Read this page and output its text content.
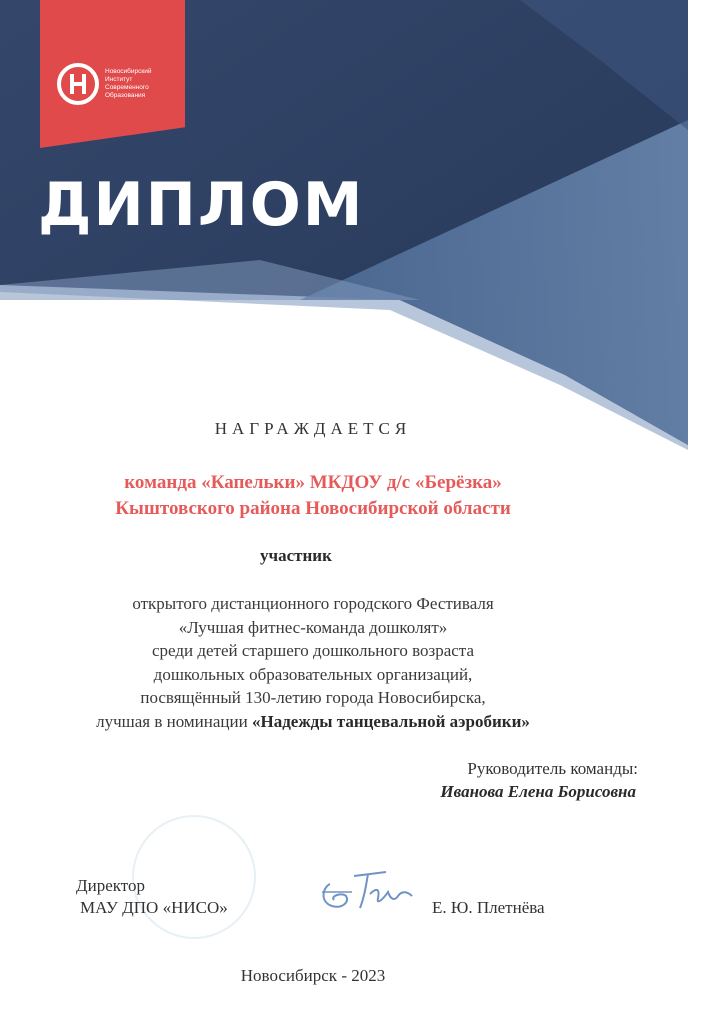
Новосибирский
Институт
Современного
Образования
ДИПЛОМ
НАГРАЖДАЕТСЯ
команда «Капельки» МКДОУ д/с «Берёзка»
Кыштовского района Новосибирской области
участник
открытого дистанционного городского Фестиваля
«Лучшая фитнес-команда дошколят»
среди детей старшего дошкольного возраста
дошкольных образовательных организаций,
посвящённый 130-летию города Новосибирска,
лучшая в номинации «Надежды танцевальной аэробики»
Руководитель команды:
Иванова Елена Борисовна
Директор
МАУ ДПО «НИСО»	Е. Ю. Плетнёва
Новосибирск - 2023
